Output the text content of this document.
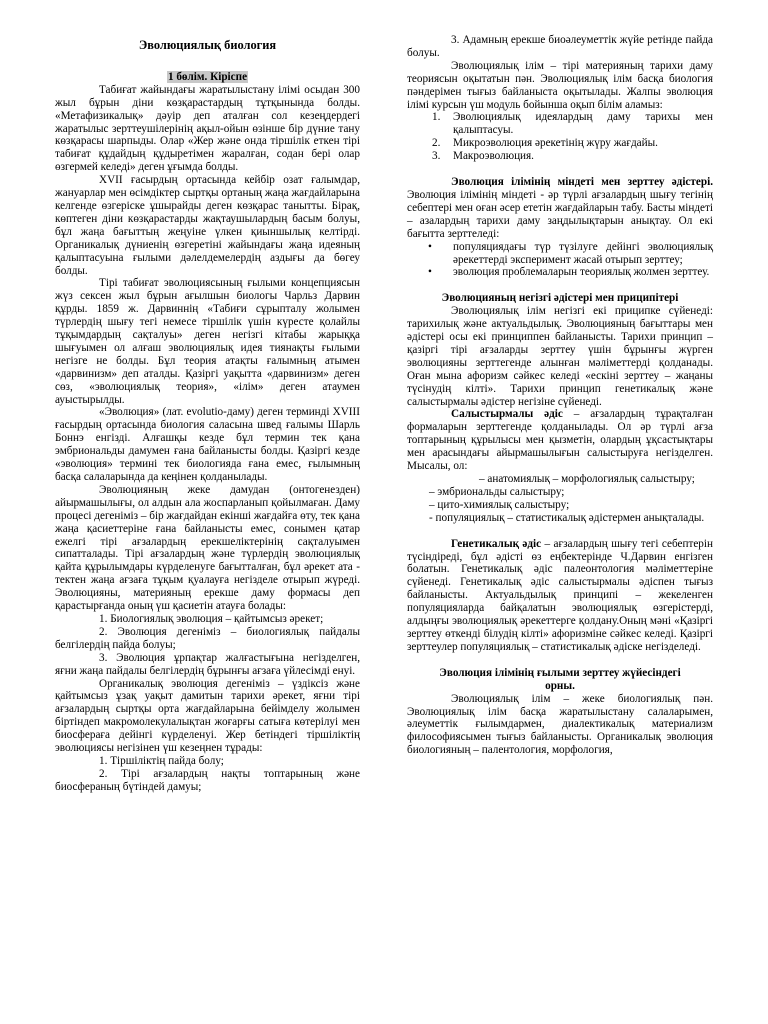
Эволюциялық биология

1 бөлім. Кіріспе

Табиғат жайындағы жаратылыстану ілімі осыдан 300 жыл бұрын діни көзқарастардың тұтқынында болды. «Метафизикалық» дәуір деп аталған сол кезеңдердегі жаратылыс зерттеушілерінің ақыл-ойын өзінше бір дүние тану көзқарасы шарпыды. Олар «Жер және онда тіршілік еткен тірі табиғат құдайдың құдыретімен жаралған, содан бері олар өзгермей келеді» деген ұғымда болды.

XVII ғасырдың ортасында кейбір озат ғалымдар, жануарлар мен өсімдіктер сыртқы ортаның жаңа жағдайларына келгенде өзгеріске ұшырайды деген көзқарас танытты. Бірақ, көптеген діни көзқарастарды жақтаушылардың басым болуы, бұл жаңа бағыттың жеңуіне үлкен қиыншылық келтірді. Органикалық дүниенің өзгеретіні жайындағы жаңа идеяның қалыптасуына ғылыми дәлелдемелердің аздығы да бөгеу болды.

Тірі табиғат эволюциясының ғылыми концепциясын жүз сексен жыл бұрын ағылшын биологы Чарльз Дарвин құрды. 1859 ж. Дарвиннің «Табиғи сұрыпталу жолымен түрлердің шығу тегі немесе тіршілік үшін күресте қолайлы тұқымдардың сақталуы» деген негізгі кітабы жарыққа шығуымен ол алғаш эволюциялық идея тиянақты ғылыми негізге не болды. Бұл теория атақты ғалымның атымен «дарвинизм» деп аталды. Қазіргі уақытта «дарвинизм» деген сөз, «эволюциялық теория», «ілім» деген атаумен ауыстырылды.

«Эволюция» (лат. evolutio-даму) деген терминді XVIII ғасырдың ортасында биология саласына швед ғалымы Шарль Боннэ енгізді. Алғашқы кезде бұл термин тек қана эмбриональды дамумен ғана байланысты болды. Қазіргі кезде «эволюция» термині тек биологияда ғана емес, ғылымның басқа салаларында да кеңінен қолданылады.

Эволюцияның жеке дамудан (онтогенезден) айырмашылығы, ол алдын ала жоспарланып қойылмаған. Даму процесі дегеніміз – бір жағдайдан екінші жағдайға өту, тек қана жаңа қасиеттеріне ғана байланысты емес, сонымен қатар ежелгі тірі ағзалардың ерекшеліктерінің сақталуымен сипатталады. Тірі ағзалардың және түрлердің эволюциялық қайта құрылымдары күрделенуге бағытталған, бұл әрекет ата - тектен жаңа ағзаға тұқым қуалауға негізделе отырып жүреді. Эволюцияны, материяның ерекше даму формасы деп қарастырғанда оның үш қасиетін атауға болады:

1. Биологиялық эволюция – қайтымсыз әрекет;

2. Эволюция дегеніміз – биологиялық пайдалы белгілердің пайда болуы;

3. Эволюция ұрпақтар жалғастығына негізделген, яғни жаңа пайдалы белгілердің бұрынғы ағзаға үйлесімді енуі.

Органикалық эволюция дегеніміз – үздіксіз және қайтымсыз ұзақ уақыт дамитын тарихи әрекет, яғни тірі ағзалардың сыртқы орта жағдайларына бейімделу жолымен біртіндеп макромолекулалықтан жоғарғы сатыға көтерілуі мен биосфераға дейінгі күрделенуі. Жер бетіндегі тіршіліктің эволюциясы негізінен үш кезеңнен тұрады:

1. Тіршіліктің пайда болу;

2. Тірі ағзалардың нақты топтарының және биосфераның бүтіндей дамуы;

3. Адамның ерекше биоәлеуметтік жүйе ретінде пайда болуы.

Эволюциялық ілім – тірі материяның тарихи даму теориясын оқытатын пән. Эволюциялық ілім басқа биология пәндерімен тығыз байланыста оқытылады. Жалпы эволюция ілімі курсын үш модуль бойынша оқып білім аламыз:

1. Эволюциялық идеялардың даму тарихы мен қалыптасуы.
2. Микроэволюция әрекетінің жүру жағдайы.
3. Макроэволюция.

Эволюция ілімінің міндеті мен зерттеу әдістері. Эволюция ілімінің міндеті - әр түрлі ағзалардың шығу тегінің себептері мен оған әсер ететін жағдайларын табу. Басты міндеті – азалардың тарихи даму заңдылықтарын анықтау. Ол екі бағытта зерттеледі:

• популяциядағы түр түзілуге дейінгі эволюциялық әрекеттерді эксперимент жасай отырып зерттеу;
• эволюция проблемаларын теориялық жолмен зерттеу.

Эволюцияның негізгі әдістері мен приципітері

Эволюциялық ілім негізгі екі приципке сүйенеді: тарихилық және актуальдылық. Эволюцияның бағыттары мен әдістері осы екі принциппен байланысты. Тарихи принцип – қазіргі тірі ағзаларды зерттеу үшін бұрынғы жүрген эволюцияны зерттегенде алынған мәліметтерді қолданады. Оған мына афоризм сәйкес келеді «ескіні зерттеу – жаңаны түсінудің кілті». Тарихи принцип генетикалық және салыстырмалы әдістер негізіне сүйенеді.

Салыстырмалы әдіс – ағзалардың тұрақталған формаларын зерттегенде қолданылады. Ол әр түрлі ағза топтарының құрылысы мен қызметін, олардың ұқсастықтары мен арасындағы айырмашылығын салыстыруға негізделген. Мысалы, ол:

– анатомиялық – морфологиялық салыстыру;

– эмбриональды салыстыру;

– цито-химиялық салыстыру;

- популяциялық – статистикалық әдістермен анықталады.

Генетикалық әдіс – ағзалардың шығу тегі себептерін түсіндіреді, бұл әдісті өз еңбектерінде Ч.Дарвин енгізген болатын. Генетикалық әдіс палеонтология мәліметтеріне сүйенеді. Генетикалық әдіс салыстырмалы әдіспен тығыз байланысты. Актуальдылық принципі – жекеленген популяцияларда байқалатын эволюциялық өзгерістерді, алдыңғы эволюциялық әрекеттерге қолдану.Оның мәні «Қазіргі зерттеу өткенді білудің кілті» афоризміне сәйкес келеді. Қазіргі зерттеулер популяциялық – статистикалық әдіске негізделеді.

Эволюция ілімінің ғылыми зерттеу жүйесіндегі

орны.

Эволюциялық ілім – жеке биологиялық пән. Эволюциялық ілім басқа жаратылыстану салаларымен, әлеуметтік ғылымдармен, диалектикалық материализм философиясымен тығыз байланысты. Органикалық эволюция биологияның – палентология, морфология,
